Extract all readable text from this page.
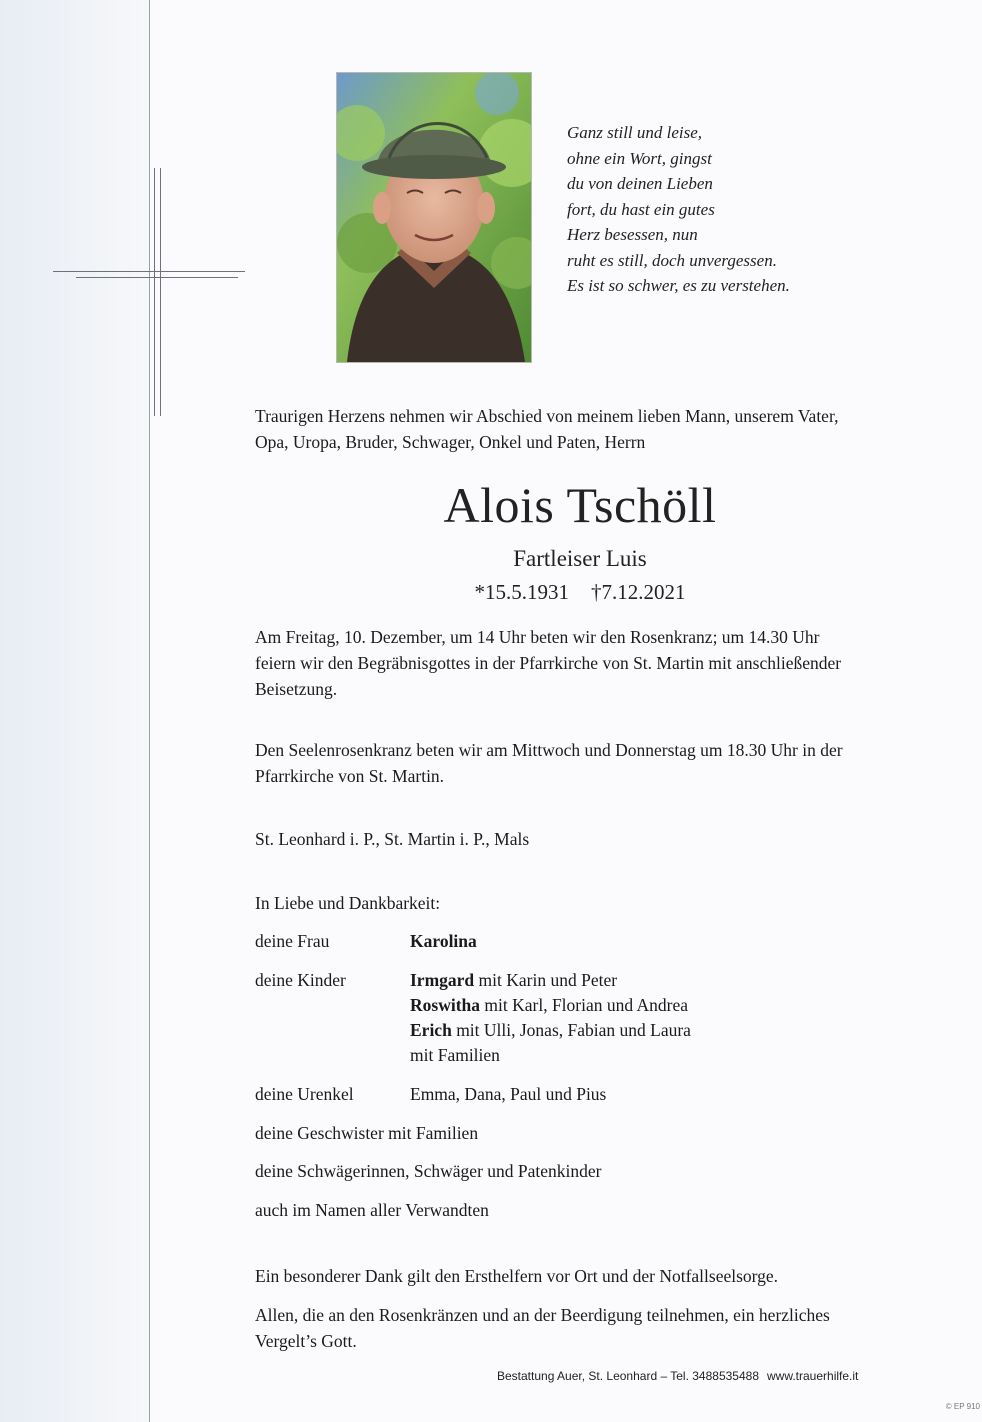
Ganz still und leise,
ohne ein Wort, gingst
du von deinen Lieben
fort, du hast ein gutes
Herz besessen, nun
ruht es still, doch unvergessen.
Es ist so schwer, es zu verstehen.
Traurigen Herzens nehmen wir Abschied von meinem lieben Mann, unserem Vater,
Opa, Uropa, Bruder, Schwager, Onkel und Paten, Herrn
Alois Tschöll
Fartleiser Luis
*15.5.1931 †7.12.2021
Am Freitag, 10. Dezember, um 14 Uhr beten wir den Rosenkranz; um 14.30 Uhr
feiern wir den Begräbnisgottes in der Pfarrkirche von St. Martin mit anschließender
Beisetzung.
Den Seelenrosenkranz beten wir am Mittwoch und Donnerstag um 18.30 Uhr in der
Pfarrkirche von St. Martin.
St. Leonhard i. P., St. Martin i. P., Mals
In Liebe und Dankbarkeit:
deine Frau	Karolina
deine Kinder	Irmgard mit Karin und Peter
Roswitha mit Karl, Florian und Andrea
Erich mit Ulli, Jonas, Fabian und Laura
mit Familien
deine Urenkel	Emma, Dana, Paul und Pius
deine Geschwister mit Familien
deine Schwägerinnen, Schwäger und Patenkinder
auch im Namen aller Verwandten
Ein besonderer Dank gilt den Ersthelfern vor Ort und der Notfallseelsorge.
Allen, die an den Rosenkränzen und an der Beerdigung teilnehmen, ein herzliches
Vergelt’s Gott.
Bestattung Auer, St. Leonhard – Tel. 3488535488 www.trauerhilfe.it
© EP 910
